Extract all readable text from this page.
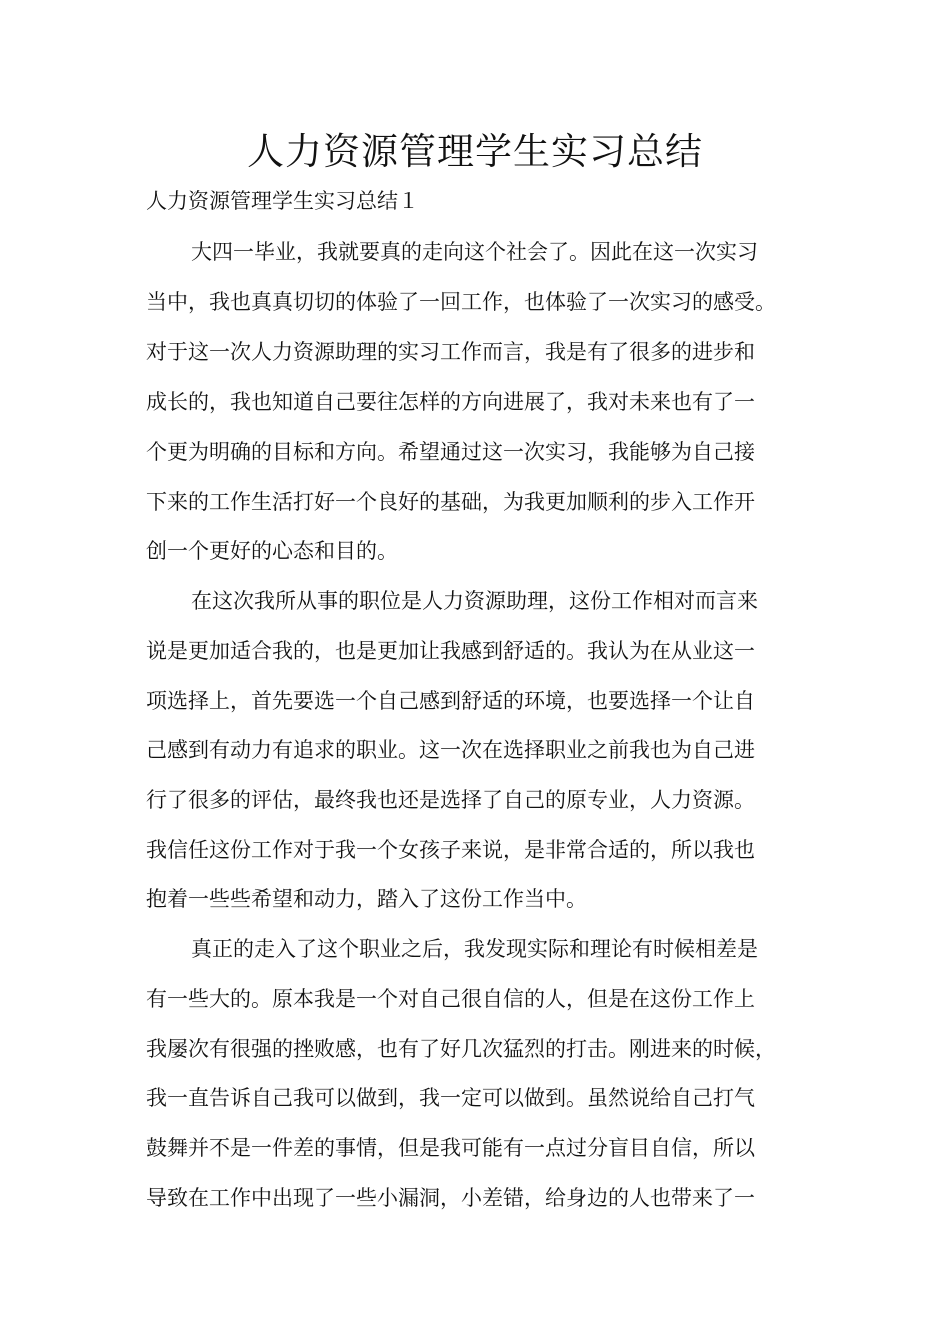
人力资源管理学生实习总结
人力资源管理学生实习总结１
大四一毕业，我就要真的走向这个社会了。因此在这一次实习
当中，我也真真切切的体验了一回工作，也体验了一次实习的感受。
对于这一次人力资源助理的实习工作而言，我是有了很多的进步和
成长的，我也知道自己要往怎样的方向进展了，我对未来也有了一
个更为明确的目标和方向。希望通过这一次实习，我能够为自己接
下来的工作生活打好一个良好的基础，为我更加顺利的步入工作开
创一个更好的心态和目的。
在这次我所从事的职位是人力资源助理，这份工作相对而言来
说是更加适合我的，也是更加让我感到舒适的。我认为在从业这一
项选择上，首先要选一个自己感到舒适的环境，也要选择一个让自
己感到有动力有追求的职业。这一次在选择职业之前我也为自己进
行了很多的评估，最终我也还是选择了自己的原专业，人力资源。
我信任这份工作对于我一个女孩子来说，是非常合适的，所以我也
抱着一些些希望和动力，踏入了这份工作当中。
真正的走入了这个职业之后，我发现实际和理论有时候相差是
有一些大的。原本我是一个对自己很自信的人，但是在这份工作上
我屡次有很强的挫败感，也有了好几次猛烈的打击。刚进来的时候，
我一直告诉自己我可以做到，我一定可以做到。虽然说给自己打气
鼓舞并不是一件差的事情，但是我可能有一点过分盲目自信，所以
导致在工作中出现了一些小漏洞，小差错，给身边的人也带来了一
